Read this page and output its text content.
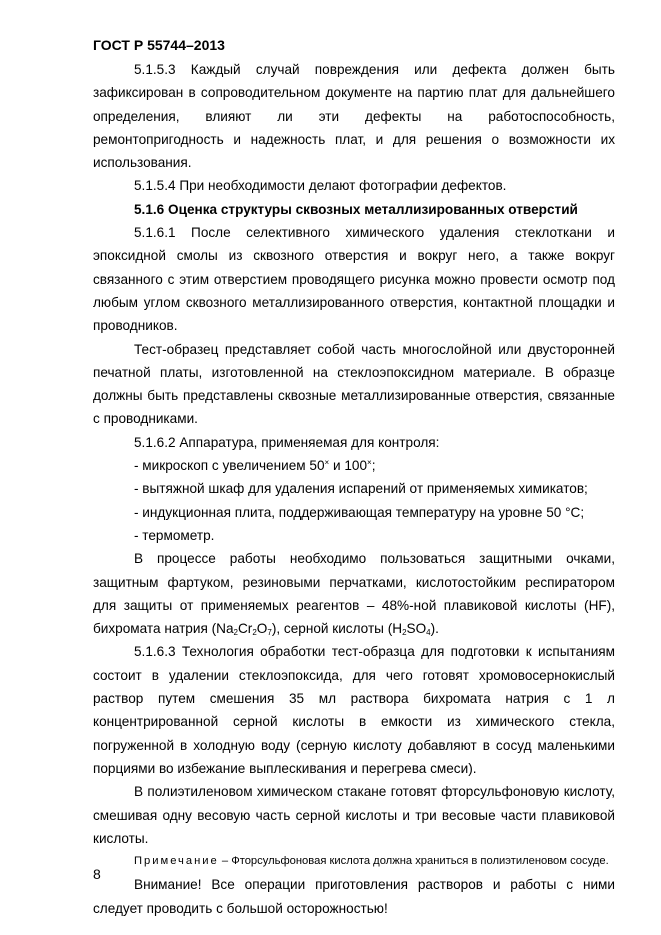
ГОСТ Р 55744–2013

5.1.5.3 Каждый случай повреждения или дефекта должен быть зафиксирован в сопроводительном документе на партию плат для дальнейшего определения, влияют ли эти дефекты на работоспособность, ремонтопригодность и надежность плат, и для решения о возможности их использования.

5.1.5.4 При необходимости делают фотографии дефектов.

5.1.6 Оценка структуры сквозных металлизированных отверстий

5.1.6.1 После селективного химического удаления стеклоткани и эпоксидной смолы из сквозного отверстия и вокруг него, а также вокруг связанного с этим отверстием проводящего рисунка можно провести осмотр под любым углом сквозного металлизированного отверстия, контактной площадки и проводников.

Тест-образец представляет собой часть многослойной или двусторонней печатной платы, изготовленной на стеклоэпоксидном материале. В образце должны быть представлены сквозные металлизированные отверстия, связанные с проводниками.

5.1.6.2 Аппаратура, применяемая для контроля:

- микроскоп с увеличением 50× и 100×;

- вытяжной шкаф для удаления испарений от применяемых химикатов;

- индукционная плита, поддерживающая температуру на уровне 50 °С;

- термометр.

В процессе работы необходимо пользоваться защитными очками, защитным фартуком, резиновыми перчатками, кислотостойким респиратором для защиты от применяемых реагентов – 48%-ной плавиковой кислоты (HF), бихромата натрия $(Na_2Cr_2O_7)$, серной кислоты $(H_2SO_4)$.

5.1.6.3 Технология обработки тест-образца для подготовки к испытаниям состоит в удалении стеклоэпоксида, для чего готовят хромовосернокислый раствор путем смешения 35 мл раствора бихромата натрия с 1 л концентрированной серной кислоты в емкости из химического стекла, погруженной в холодную воду (серную кислоту добавляют в сосуд маленькими порциями во избежание выплескивания и перегрева смеси).

В полиэтиленовом химическом стакане готовят фторсульфоновую кислоту, смешивая одну весовую часть серной кислоты и три весовые части плавиковой кислоты.

Примечание – Фторсульфоновая кислота должна храниться в полиэтиленовом сосуде.

Внимание! Все операции приготовления растворов и работы с ними следует проводить с большой осторожностью!

8
